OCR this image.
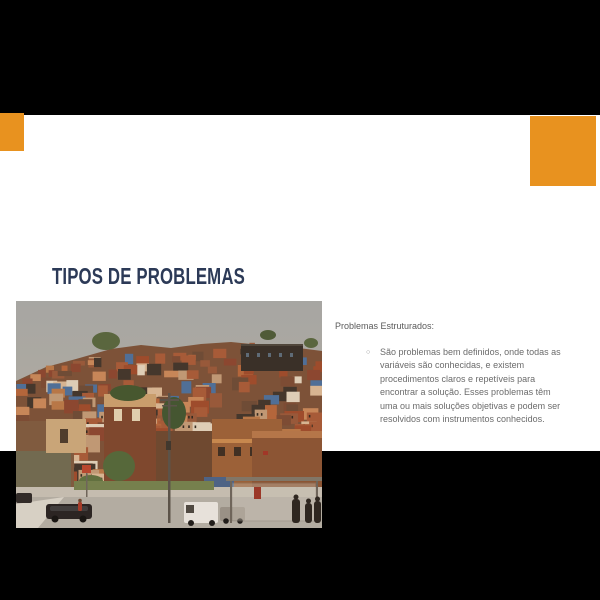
TIPOS DE PROBLEMAS
Problemas Estruturados:
○	São problemas bem definidos, onde todas as variáveis são conhecidas, e existem procedimentos claros e repetíveis para encontrar a solução. Esses problemas têm uma ou mais soluções objetivas e podem ser resolvidos com instrumentos conhecidos.
